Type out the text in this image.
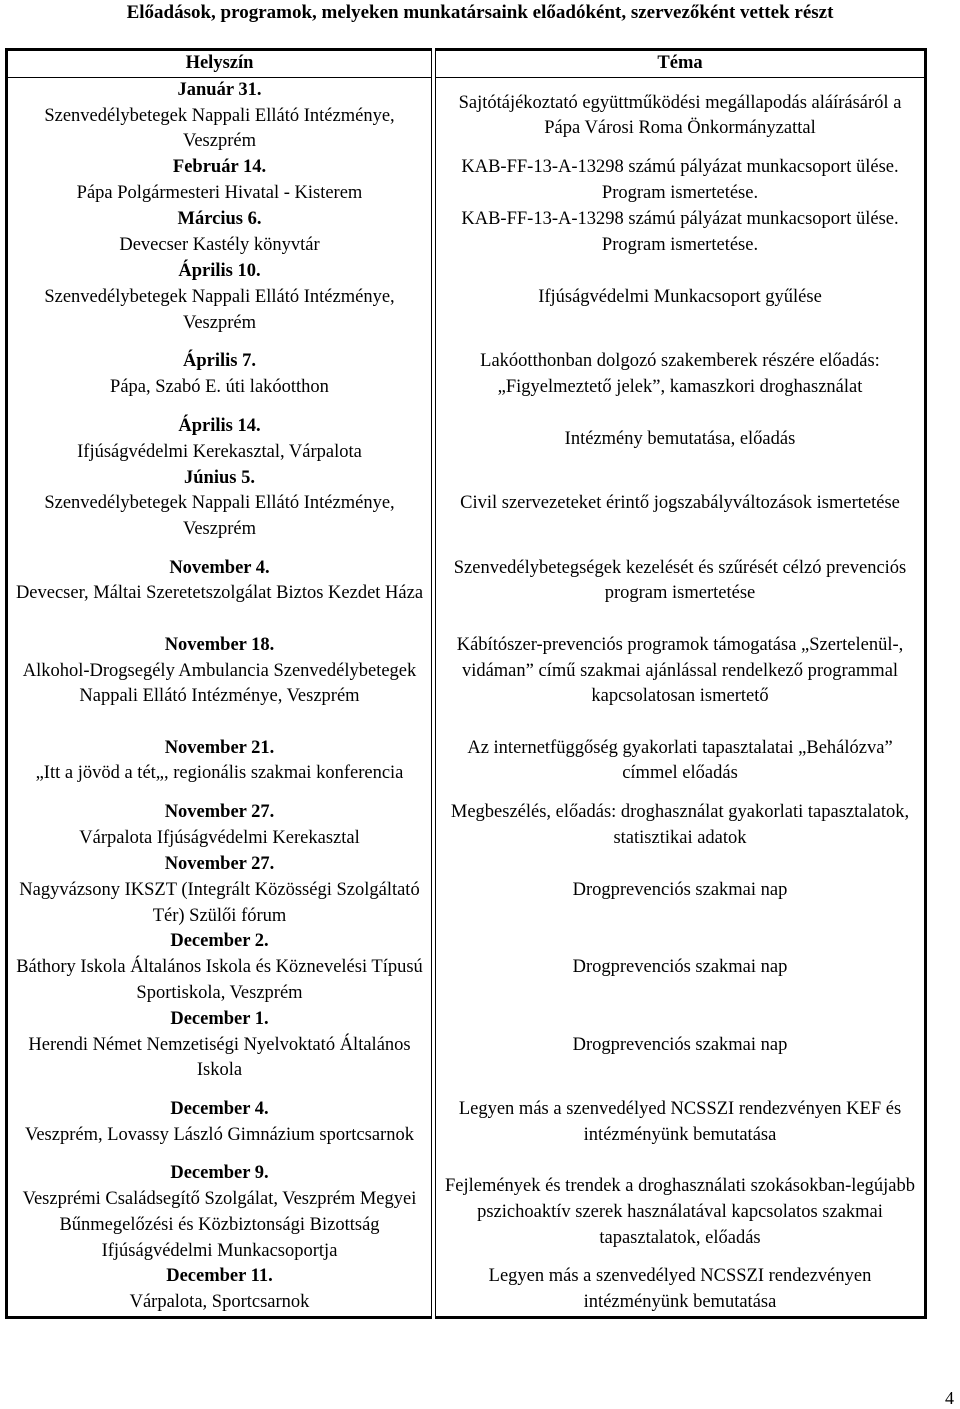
Előadások, programok, melyeken munkatársaink előadóként, szervezőként vettek részt
Helyszín		Téma

Január 31.
Szenvedélybetegek Nappali Ellátó Intézménye, Veszprém		Sajtótájékoztató együttműködési megállapodás aláírásáról a Pápa Városi Roma Önkormányzattal

Február 14.
Pápa Polgármesteri Hivatal - Kisterem		KAB-FF-13-A-13298 számú pályázat munkacsoport ülése. Program ismertetése.

Március 6.
Devecser Kastély könyvtár		KAB-FF-13-A-13298 számú pályázat munkacsoport ülése. Program ismertetése.

Április 10.
Szenvedélybetegek Nappali Ellátó Intézménye, Veszprém		Ifjúságvédelmi Munkacsoport gyűlése

Április 7.
Pápa, Szabó E. úti lakóotthon		Lakóotthonban dolgozó szakemberek részére előadás: „Figyelmeztető jelek”, kamaszkori droghasználat

Április 14.
Ifjúságvédelmi Kerekasztal, Várpalota		Intézmény bemutatása, előadás

Június 5.
Szenvedélybetegek Nappali Ellátó Intézménye, Veszprém		Civil szervezeteket érintő jogszabályváltozások ismertetése

November 4.
Devecser, Máltai Szeretetszolgálat Biztos Kezdet Háza		Szenvedélybetegségek kezelését és szűrését célzó prevenciós program ismertetése

November 18.
Alkohol-Drogsegély Ambulancia Szenvedélybetegek Nappali Ellátó Intézménye, Veszprém		Kábítószer-prevenciós programok támogatása „Szertelenül-, vidáman” című szakmai ajánlással rendelkező programmal kapcsolatosan ismertető

November 21.
„Itt a jövöd a tét„, regionális szakmai konferencia		Az internetfüggőség gyakorlati tapasztalatai „Behálózva” címmel előadás

November 27.
Várpalota Ifjúságvédelmi Kerekasztal		Megbeszélés, előadás: droghasználat gyakorlati tapasztalatok, statisztikai adatok

November 27.
Nagyvázsony IKSZT (Integrált Közösségi Szolgáltató Tér) Szülői fórum		Drogprevenciós szakmai nap

December 2.
Báthory Iskola Általános Iskola és Köznevelési Típusú Sportiskola, Veszprém		Drogprevenciós szakmai nap

December 1.
Herendi Német Nemzetiségi Nyelvoktató Általános Iskola		Drogprevenciós szakmai nap

December 4.
Veszprém, Lovassy László Gimnázium sportcsarnok		Legyen más a szenvedélyed NCSSZI rendezvényen KEF és intézményünk bemutatása

December 9.
Veszprémi Családsegítő Szolgálat, Veszprém Megyei Bűnmegelőzési és Közbiztonsági Bizottság Ifjúságvédelmi Munkacsoportja		Fejlemények és trendek a droghasználati szokásokban-legújabb pszichoaktív szerek használatával kapcsolatos szakmai tapasztalatok, előadás

December 11.
Várpalota, Sportcsarnok		Legyen más a szenvedélyed NCSSZI rendezvényen intézményünk bemutatása
4
